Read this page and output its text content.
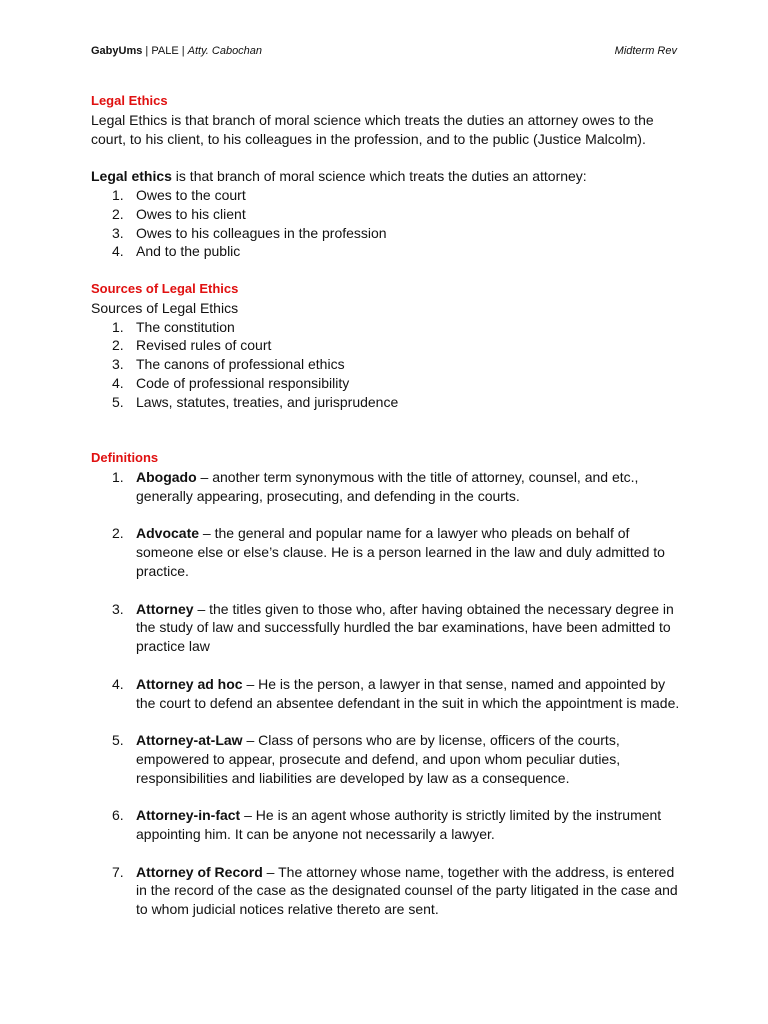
GabyUms | PALE | Atty. Cabochan	Midterm Rev

Legal Ethics

Legal Ethics is that branch of moral science which treats the duties an attorney owes to the court, to his client, to his colleagues in the profession, and to the public (Justice Malcolm).

Legal ethics is that branch of moral science which treats the duties an attorney:

1. Owes to the court
2. Owes to his client
3. Owes to his colleagues in the profession
4. And to the public

Sources of Legal Ethics

Sources of Legal Ethics

1. The constitution
2. Revised rules of court
3. The canons of professional ethics
4. Code of professional responsibility
5. Laws, statutes, treaties, and jurisprudence

Definitions

1. Abogado – another term synonymous with the title of attorney, counsel, and etc., generally appearing, prosecuting, and defending in the courts.
2. Advocate – the general and popular name for a lawyer who pleads on behalf of someone else or else’s clause. He is a person learned in the law and duly admitted to practice.
3. Attorney – the titles given to those who, after having obtained the necessary degree in the study of law and successfully hurdled the bar examinations, have been admitted to practice law
4. Attorney ad hoc – He is the person, a lawyer in that sense, named and appointed by the court to defend an absentee defendant in the suit in which the appointment is made.
5. Attorney-at-Law – Class of persons who are by license, officers of the courts, empowered to appear, prosecute and defend, and upon whom peculiar duties, responsibilities and liabilities are developed by law as a consequence.
6. Attorney-in-fact – He is an agent whose authority is strictly limited by the instrument appointing him. It can be anyone not necessarily a lawyer.
7. Attorney of Record – The attorney whose name, together with the address, is entered in the record of the case as the designated counsel of the party litigated in the case and to whom judicial notices relative thereto are sent.
